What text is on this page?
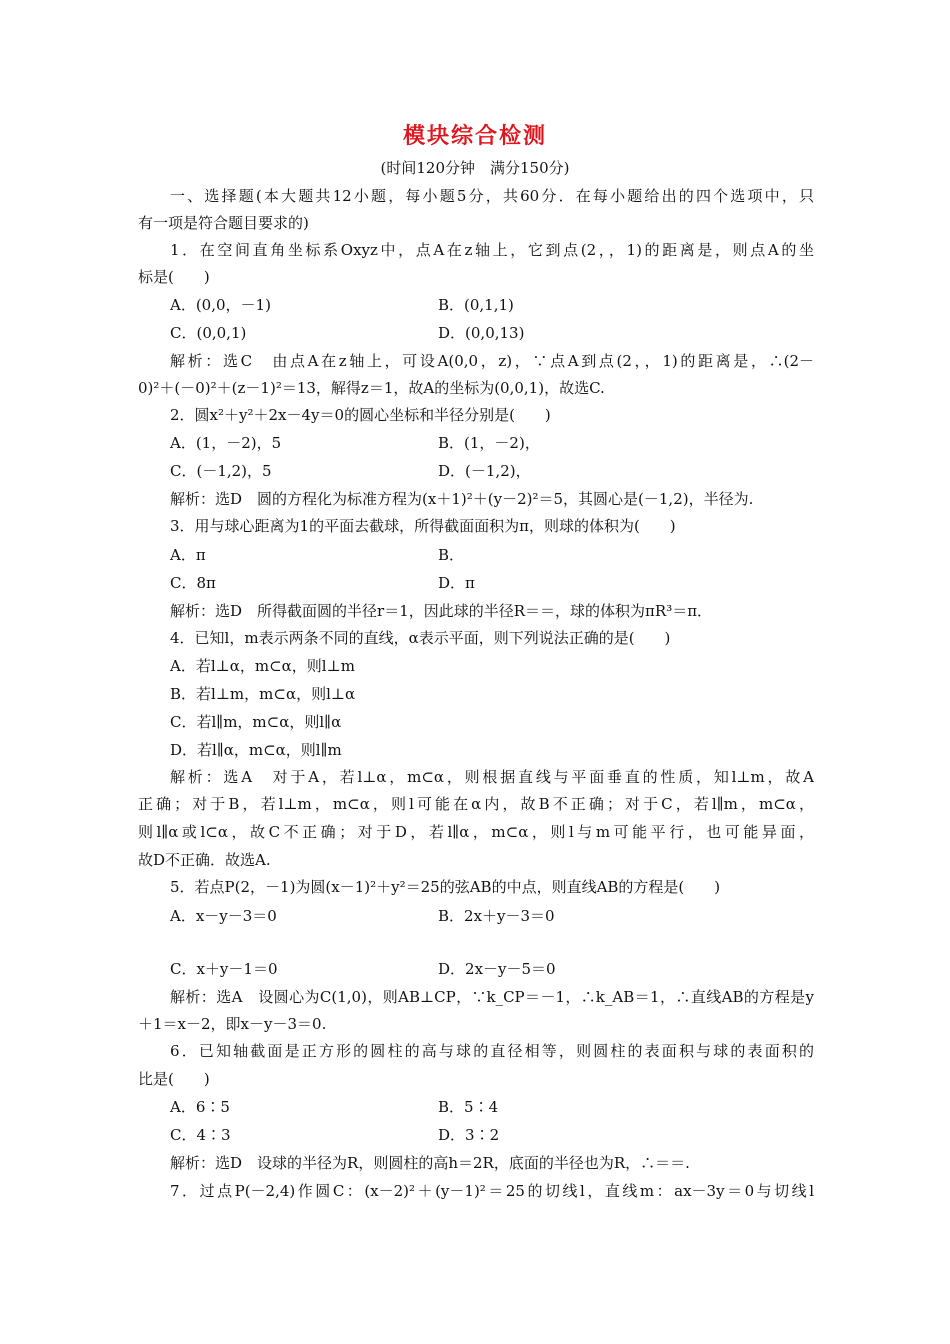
模块综合检测
(时间120分钟　满分150分)
一、选择题(本大题共12小题，每小题5分，共60分．在每小题给出的四个选项中，只
有一项是符合题目要求的)
1．在空间直角坐标系Oxyz中，点A在z轴上，它到点(2，，1)的距离是，则点A的坐
标是(　　)
A．(0,0，－1)	B．(0,1,1)
C．(0,0,1)	D．(0,0,13)
解析：选C　由点A在z轴上，可设A(0,0，z)，∵点A到点(2，，1)的距离是，∴(2－
0)²＋(－0)²＋(z－1)²＝13，解得z＝1，故A的坐标为(0,0,1)，故选C.
2．圆x²＋y²＋2x－4y＝0的圆心坐标和半径分别是(　　)
A．(1，－2)，5	B．(1，－2)，
C．(－1,2)，5	D．(－1,2)，
解析：选D　圆的方程化为标准方程为(x＋1)²＋(y－2)²＝5，其圆心是(－1,2)，半径为.
3．用与球心距离为1的平面去截球，所得截面面积为π，则球的体积为(　　)
A．π	B．
C．8π	D．π
解析：选D　所得截面圆的半径r＝1，因此球的半径R＝＝，球的体积为πR³＝π．
4．已知l，m表示两条不同的直线，α表示平面，则下列说法正确的是(　　)
A．若l⊥α，m⊂α，则l⊥m
B．若l⊥m，m⊂α，则l⊥α
C．若l∥m，m⊂α，则l∥α
D．若l∥α，m⊂α，则l∥m
解析：选A　对于A，若l⊥α，m⊂α，则根据直线与平面垂直的性质，知l⊥m，故A
正确；对于B，若l⊥m，m⊂α，则l可能在α内，故B不正确；对于C，若l∥m，m⊂α，
则l∥α或l⊂α，故C不正确；对于D，若l∥α，m⊂α，则l与m可能平行，也可能异面，
故D不正确．故选A.
5．若点P(2，－1)为圆(x－1)²＋y²＝25的弦AB的中点，则直线AB的方程是(　　)
A．x－y－3＝0	B．2x＋y－3＝0
C．x＋y－1＝0	D．2x－y－5＝0
解析：选A　设圆心为C(1,0)，则AB⊥CP，∵k_CP＝－1，∴k_AB＝1，∴直线AB的方程是y
＋1＝x－2，即x－y－3＝0.
6．已知轴截面是正方形的圆柱的高与球的直径相等，则圆柱的表面积与球的表面积的
比是(　　)
A．6∶5	B．5∶4
C．4∶3	D．3∶2
解析：选D　设球的半径为R，则圆柱的高h＝2R，底面的半径也为R，∴＝＝.
7．过点P(－2,4)作圆C：(x－2)²＋(y－1)²＝25的切线l，直线m：ax－3y＝0与切线l
